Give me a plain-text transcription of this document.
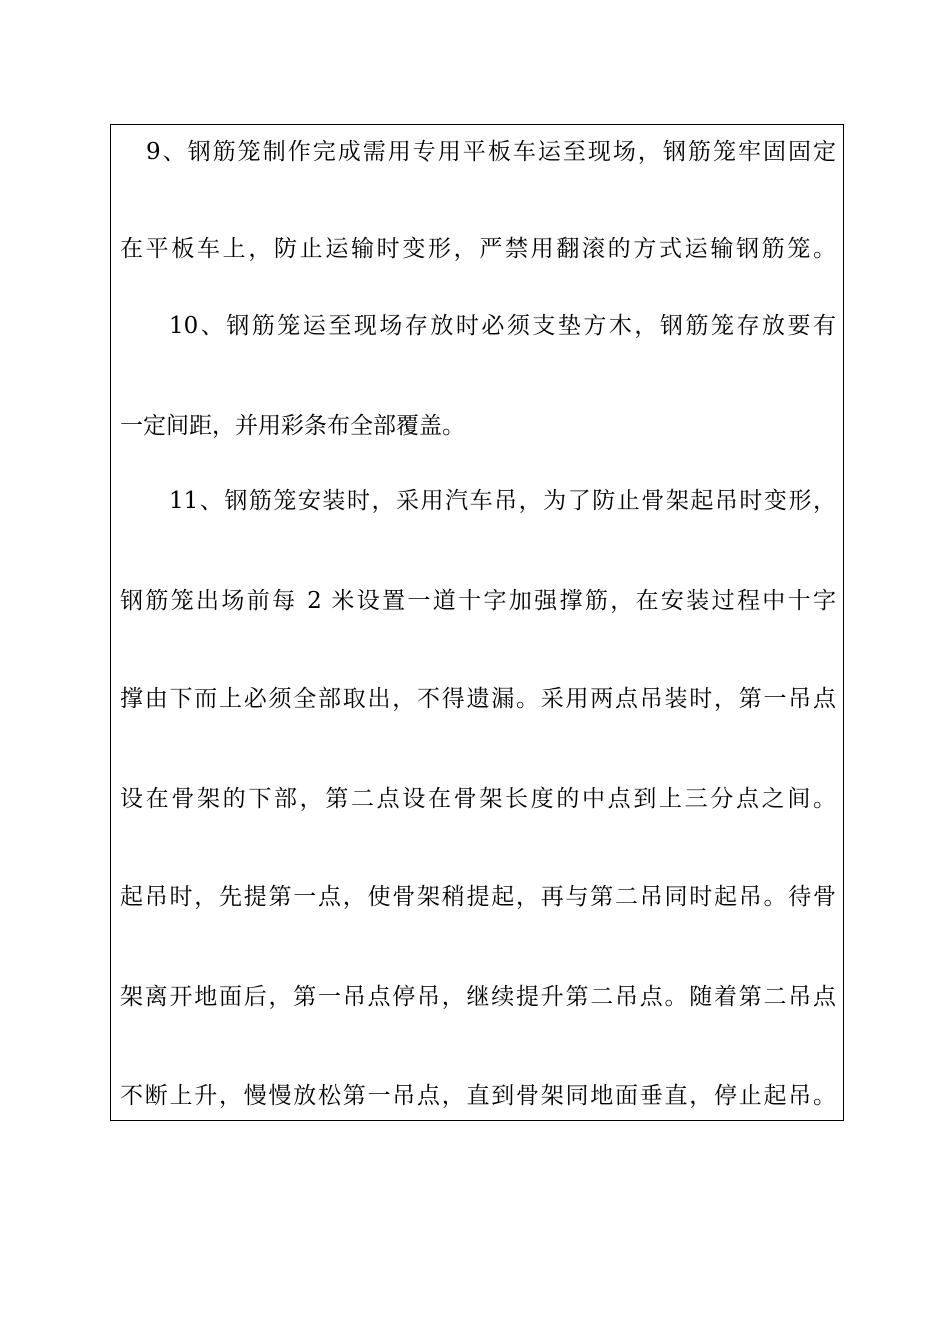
9、钢筋笼制作完成需用专用平板车运至现场，钢筋笼牢固固定
在平板车上，防止运输时变形，严禁用翻滚的方式运输钢筋笼。
10、钢筋笼运至现场存放时必须支垫方木，钢筋笼存放要有
一定间距，并用彩条布全部覆盖。
11、钢筋笼安装时，采用汽车吊，为了防止骨架起吊时变形，
钢筋笼出场前每 2 米设置一道十字加强撑筋，在安装过程中十字
撑由下而上必须全部取出，不得遗漏。采用两点吊装时，第一吊点
设在骨架的下部，第二点设在骨架长度的中点到上三分点之间。
起吊时，先提第一点，使骨架稍提起，再与第二吊同时起吊。待骨
架离开地面后，第一吊点停吊，继续提升第二吊点。随着第二吊点
不断上升，慢慢放松第一吊点，直到骨架同地面垂直，停止起吊。
